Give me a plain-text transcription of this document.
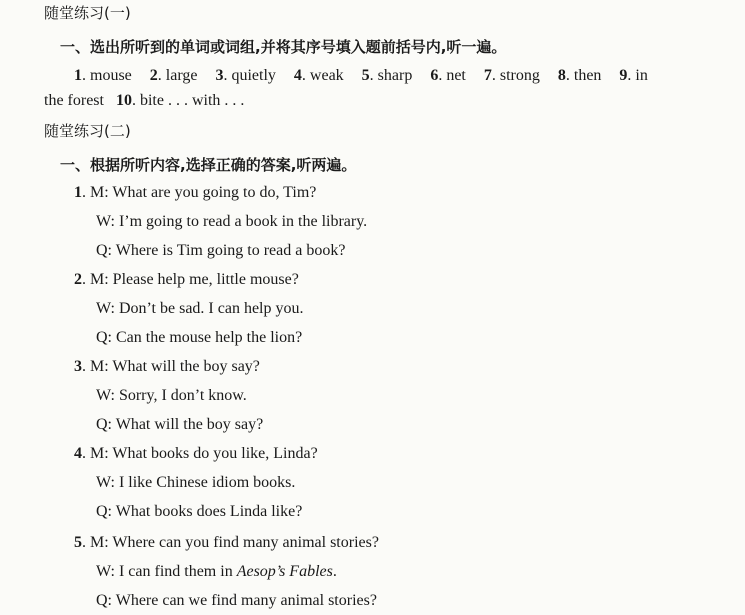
随堂练习(一)
一、选出所听到的单词或词组,并将其序号填入题前括号内,听一遍。
1. mouse 2. large 3. quietly 4. weak 5. sharp 6. net 7. strong 8. then 9. in
the forest 10. bite . . . with . . .
随堂练习(二)
一、根据所听内容,选择正确的答案,听两遍。
1. M: What are you going to do, Tim?
W: I’m going to read a book in the library.
Q: Where is Tim going to read a book?
2. M: Please help me, little mouse?
W: Don’t be sad. I can help you.
Q: Can the mouse help the lion?
3. M: What will the boy say?
W: Sorry, I don’t know.
Q: What will the boy say?
4. M: What books do you like, Linda?
W: I like Chinese idiom books.
Q: What books does Linda like?
5. M: Where can you find many animal stories?
W: I can find them in Aesop’s Fables.
Q: Where can we find many animal stories?
